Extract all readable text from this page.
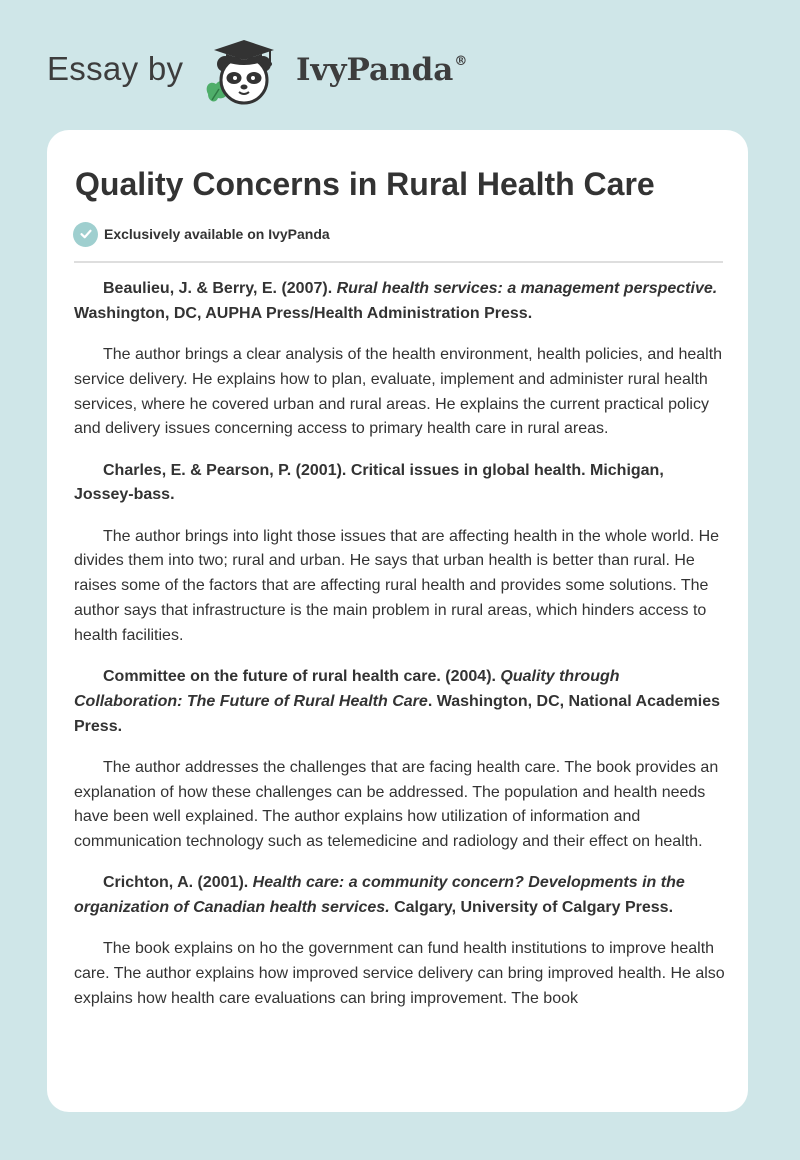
Essay by	IvyPanda®
Quality Concerns in Rural Health Care
Exclusively available on IvyPanda

Beaulieu, J. & Berry, E. (2007). Rural health services: a management perspective. Washington, DC, AUPHA Press/Health Administration Press.

The author brings a clear analysis of the health environment, health policies, and health service delivery. He explains how to plan, evaluate, implement and administer rural health services, where he covered urban and rural areas. He explains the current practical policy and delivery issues concerning access to primary health care in rural areas.

Charles, E. & Pearson, P. (2001). Critical issues in global health. Michigan, Jossey-bass.

The author brings into light those issues that are affecting health in the whole world. He divides them into two; rural and urban. He says that urban health is better than rural. He raises some of the factors that are affecting rural health and provides some solutions. The author says that infrastructure is the main problem in rural areas, which hinders access to health facilities.

Committee on the future of rural health care. (2004). Quality through Collaboration: The Future of Rural Health Care. Washington, DC, National Academies Press.

The author addresses the challenges that are facing health care. The book provides an explanation of how these challenges can be addressed. The population and health needs have been well explained. The author explains how utilization of information and communication technology such as telemedicine and radiology and their effect on health.

Crichton, A. (2001). Health care: a community concern? Developments in the organization of Canadian health services. Calgary, University of Calgary Press.

The book explains on ho the government can fund health institutions to improve health care. The author explains how improved service delivery can bring improved health. He also explains how health care evaluations can bring improvement. The book
